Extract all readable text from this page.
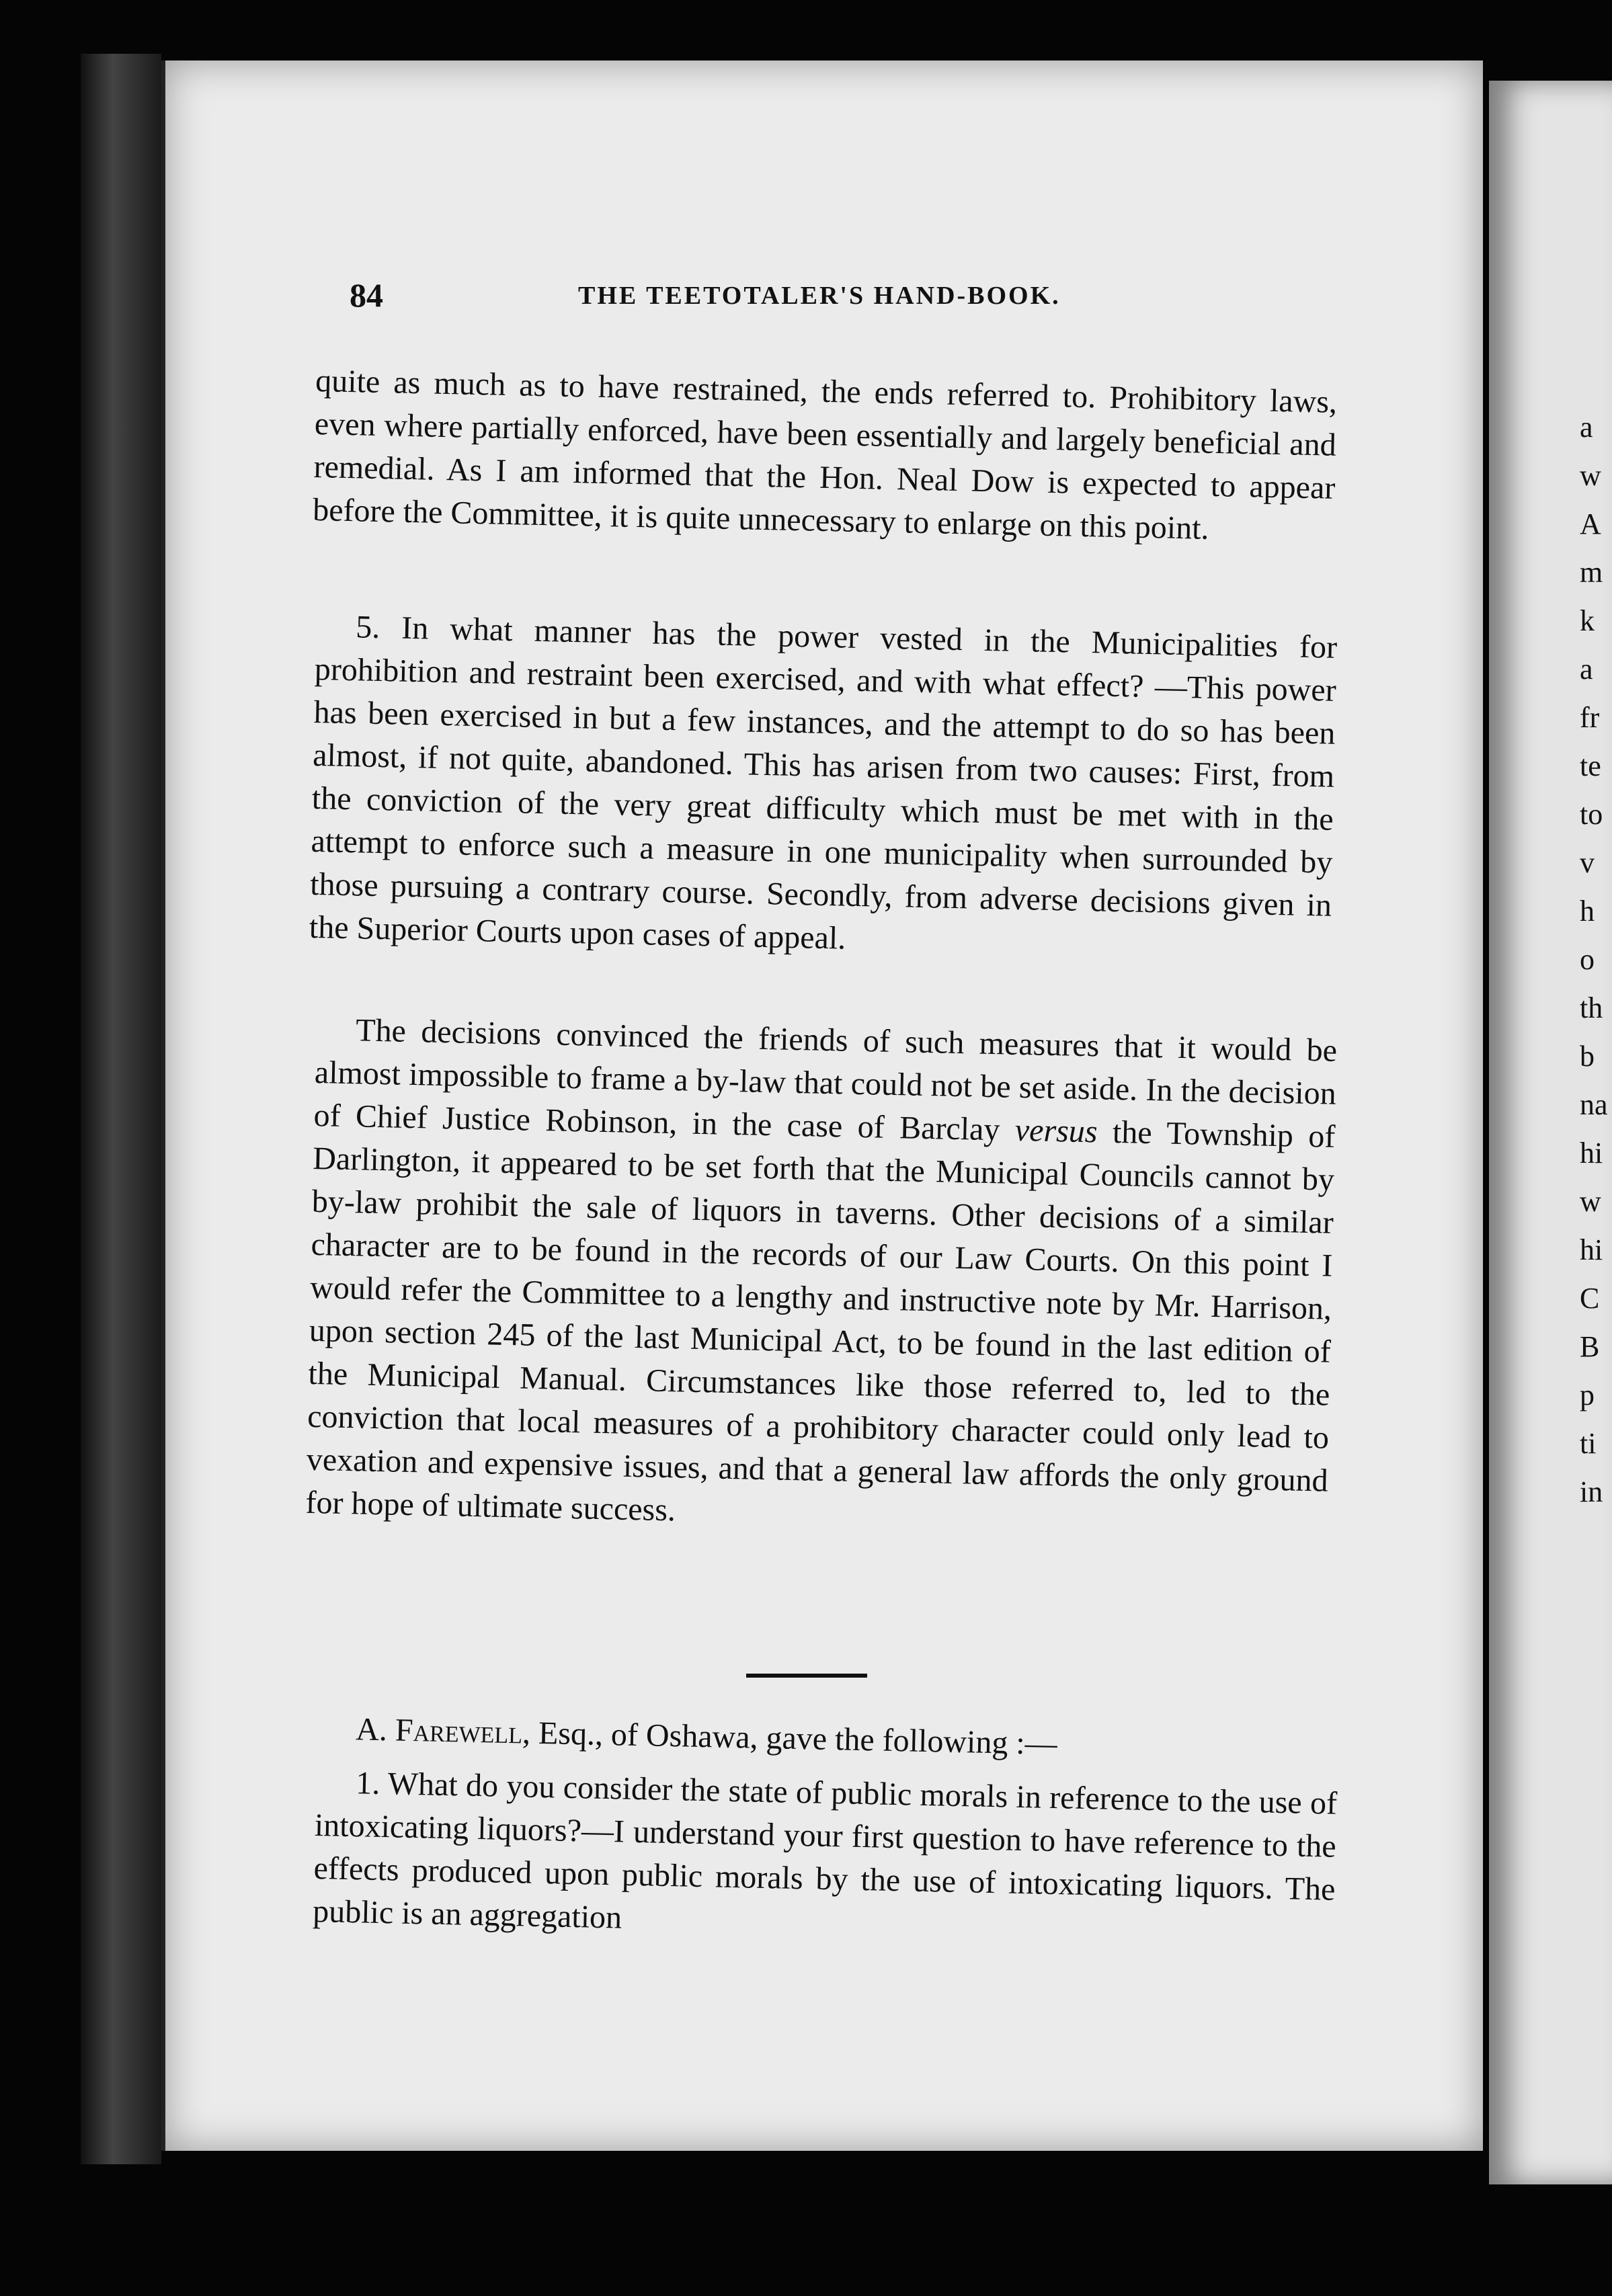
a
w
A
m
k
a
fr
te
to
v
h
o
th
b
na
hi
w
hi
C
B
p
ti
in
84	THE TEETOTALER'S HAND-BOOK.

quite as much as to have restrained, the ends referred to. Prohibitory laws, even where partially enforced, have been essentially and largely beneficial and remedial. As I am informed that the Hon. Neal Dow is expected to appear before the Committee, it is quite unnecessary to enlarge on this point.

5. In what manner has the power vested in the Municipalities for prohibition and restraint been exercised, and with what effect? —This power has been exercised in but a few instances, and the attempt to do so has been almost, if not quite, abandoned. This has arisen from two causes: First, from the conviction of the very great difficulty which must be met with in the attempt to enforce such a measure in one municipality when surrounded by those pursuing a contrary course. Secondly, from adverse decisions given in the Superior Courts upon cases of appeal.

The decisions convinced the friends of such measures that it would be almost impossible to frame a by-law that could not be set aside. In the decision of Chief Justice Robinson, in the case of Barclay versus the Township of Darlington, it appeared to be set forth that the Municipal Councils cannot by by-law prohibit the sale of liquors in taverns. Other decisions of a similar character are to be found in the records of our Law Courts. On this point I would refer the Committee to a lengthy and instructive note by Mr. Harrison, upon section 245 of the last Municipal Act, to be found in the last edition of the Municipal Manual. Circumstances like those referred to, led to the conviction that local measures of a prohibitory character could only lead to vexation and expensive issues, and that a general law affords the only ground for hope of ultimate success.

A. Farewell, Esq., of Oshawa, gave the following :—

1. What do you consider the state of public morals in reference to the use of intoxicating liquors?—I understand your first question to have reference to the effects produced upon public morals by the use of intoxicating liquors. The public is an aggregation
